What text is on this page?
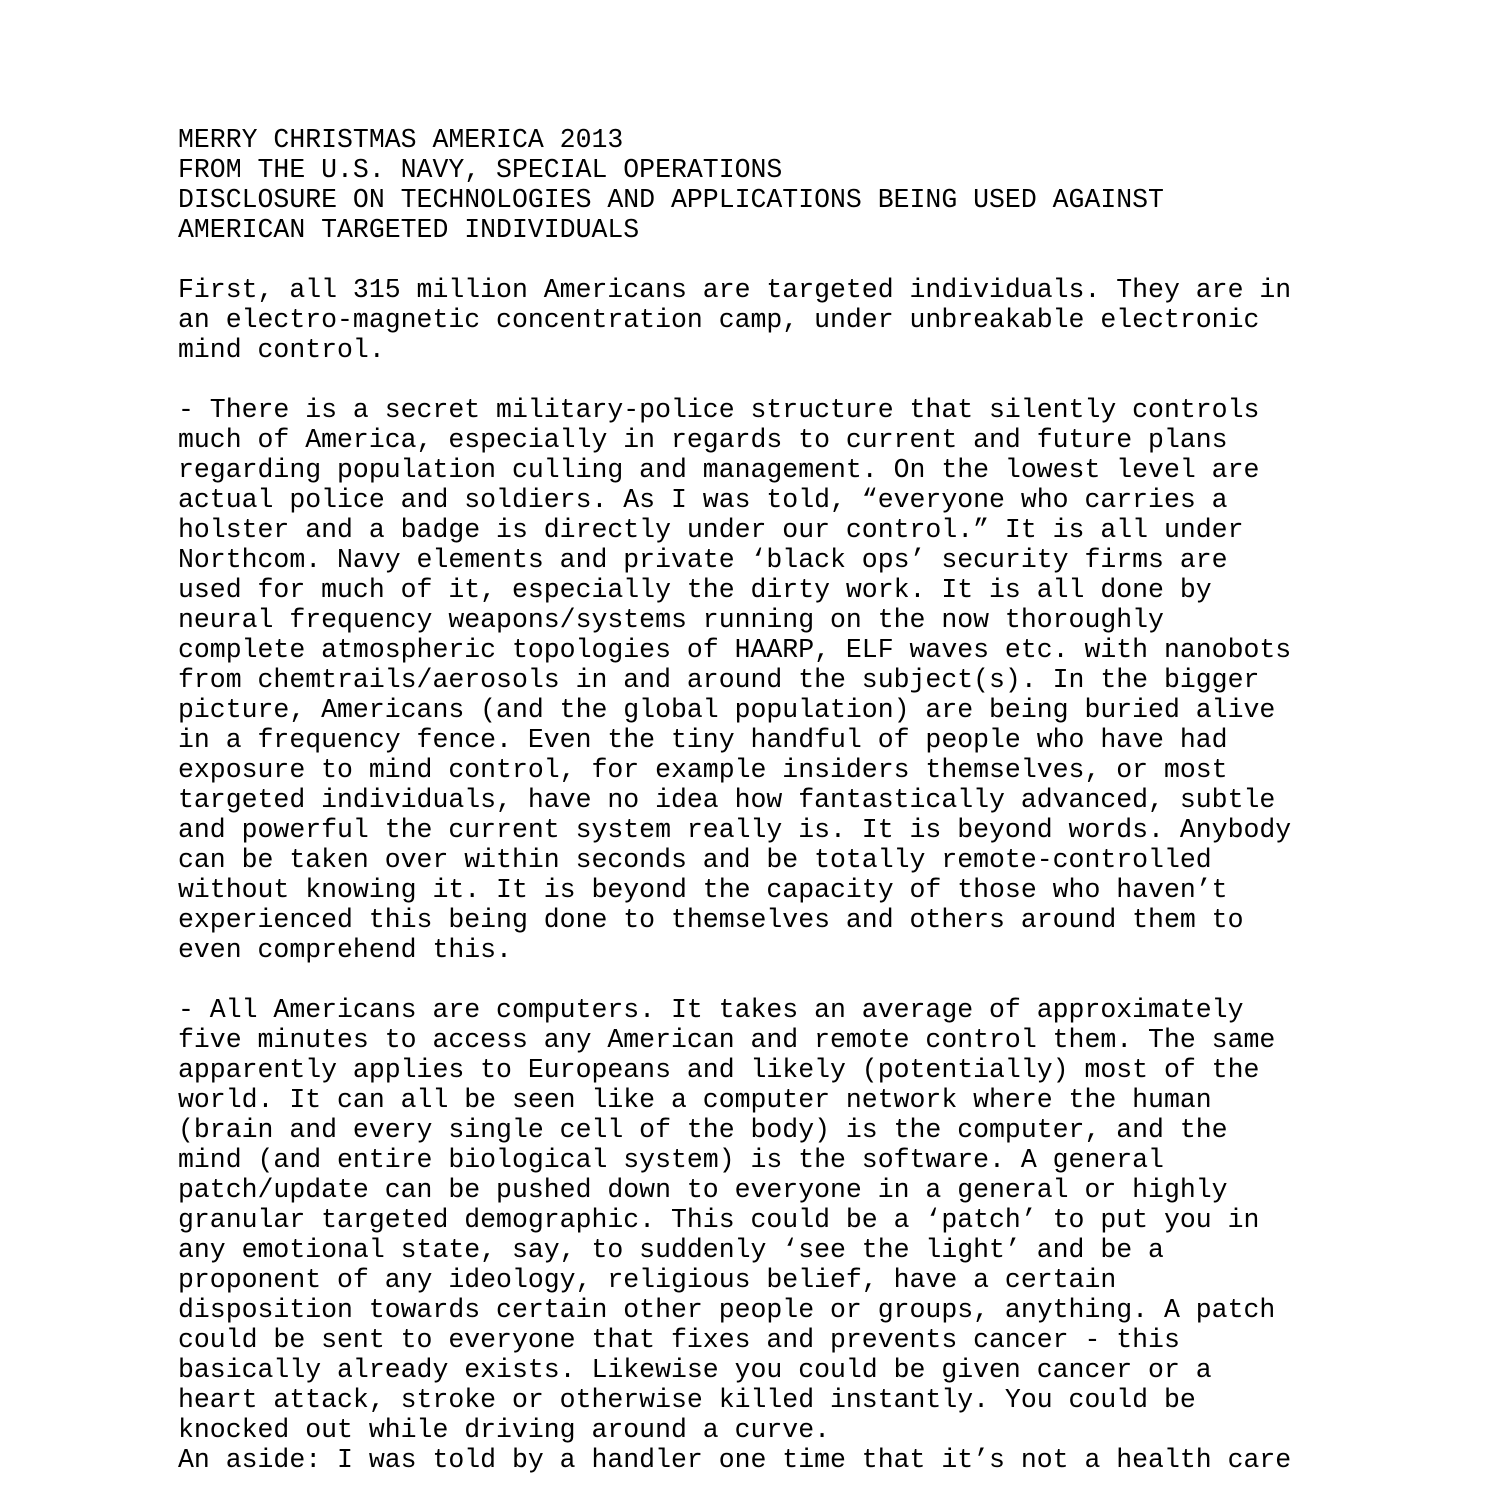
MERRY CHRISTMAS AMERICA 2013
FROM THE U.S. NAVY, SPECIAL OPERATIONS
DISCLOSURE ON TECHNOLOGIES AND APPLICATIONS BEING USED AGAINST
AMERICAN TARGETED INDIVIDUALS

First, all 315 million Americans are targeted individuals. They are in
an electro-magnetic concentration camp, under unbreakable electronic
mind control.

- There is a secret military-police structure that silently controls
much of America, especially in regards to current and future plans
regarding population culling and management. On the lowest level are
actual police and soldiers. As I was told, “everyone who carries a
holster and a badge is directly under our control.” It is all under
Northcom. Navy elements and private ‘black ops’ security firms are
used for much of it, especially the dirty work. It is all done by
neural frequency weapons/systems running on the now thoroughly
complete atmospheric topologies of HAARP, ELF waves etc. with nanobots
from chemtrails/aerosols in and around the subject(s). In the bigger
picture, Americans (and the global population) are being buried alive
in a frequency fence. Even the tiny handful of people who have had
exposure to mind control, for example insiders themselves, or most
targeted individuals, have no idea how fantastically advanced, subtle
and powerful the current system really is. It is beyond words. Anybody
can be taken over within seconds and be totally remote-controlled
without knowing it. It is beyond the capacity of those who haven’t
experienced this being done to themselves and others around them to
even comprehend this.

- All Americans are computers. It takes an average of approximately
five minutes to access any American and remote control them. The same
apparently applies to Europeans and likely (potentially) most of the
world. It can all be seen like a computer network where the human
(brain and every single cell of the body) is the computer, and the
mind (and entire biological system) is the software. A general
patch/update can be pushed down to everyone in a general or highly
granular targeted demographic. This could be a ‘patch’ to put you in
any emotional state, say, to suddenly ‘see the light’ and be a
proponent of any ideology, religious belief, have a certain
disposition towards certain other people or groups, anything. A patch
could be sent to everyone that fixes and prevents cancer - this
basically already exists. Likewise you could be given cancer or a
heart attack, stroke or otherwise killed instantly. You could be
knocked out while driving around a curve.
An aside: I was told by a handler one time that it’s not a health care
